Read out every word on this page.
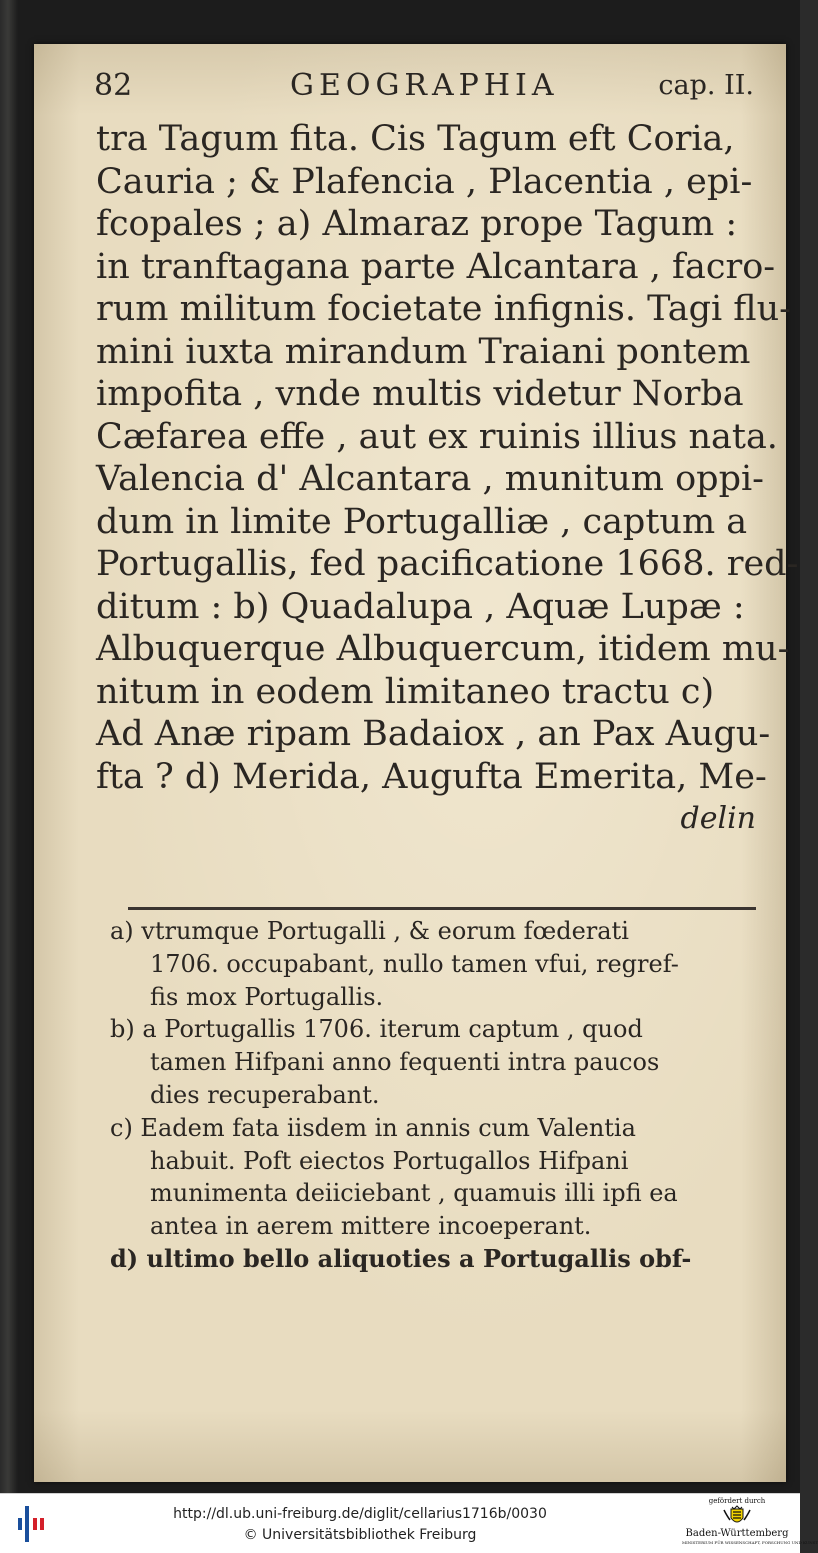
82	GEOGRAPHIA	cap. II.
tra Tagum fita. Cis Tagum eft Coria,
Cauria ; & Plafencia , Placentia , epi-
fcopales ; a) Almaraz prope Tagum :
in tranftagana parte Alcantara , facro-
rum militum focietate infignis. Tagi flu-
mini iuxta mirandum Traiani pontem
impofita , vnde multis videtur Norba
Cæfarea effe , aut ex ruinis illius nata.
Valencia d' Alcantara , munitum oppi-
dum in limite Portugalliæ , captum a
Portugallis, fed pacificatione 1668. red-
ditum : b) Quadalupa , Aquæ Lupæ :
Albuquerque Albuquercum, itidem mu-
nitum in eodem limitaneo tractu c)
Ad Anæ ripam Badaiox , an Pax Augu-
fta ? d) Merida, Augufta Emerita, Me-
delin
a) vtrumque Portugalli , & eorum fœderati
1706. occupabant, nullo tamen vfui, regref-
fis mox Portugallis.
b) a Portugallis 1706. iterum captum , quod
tamen Hifpani anno fequenti intra paucos
dies recuperabant.
c) Eadem fata iisdem in annis cum Valentia
habuit. Poft eiectos Portugallos Hifpani
munimenta deiiciebant , quamuis illi ipfi ea
antea in aerem mittere incoeperant.
d) ultimo bello aliquoties a Portugallis obf-
http://dl.ub.uni-freiburg.de/diglit/cellarius1716b/0030
© Universitätsbibliothek Freiburg
gefördert durch
Baden-Württemberg
MINISTERIUM FÜR WISSENSCHAFT, FORSCHUNG UND KUNST
